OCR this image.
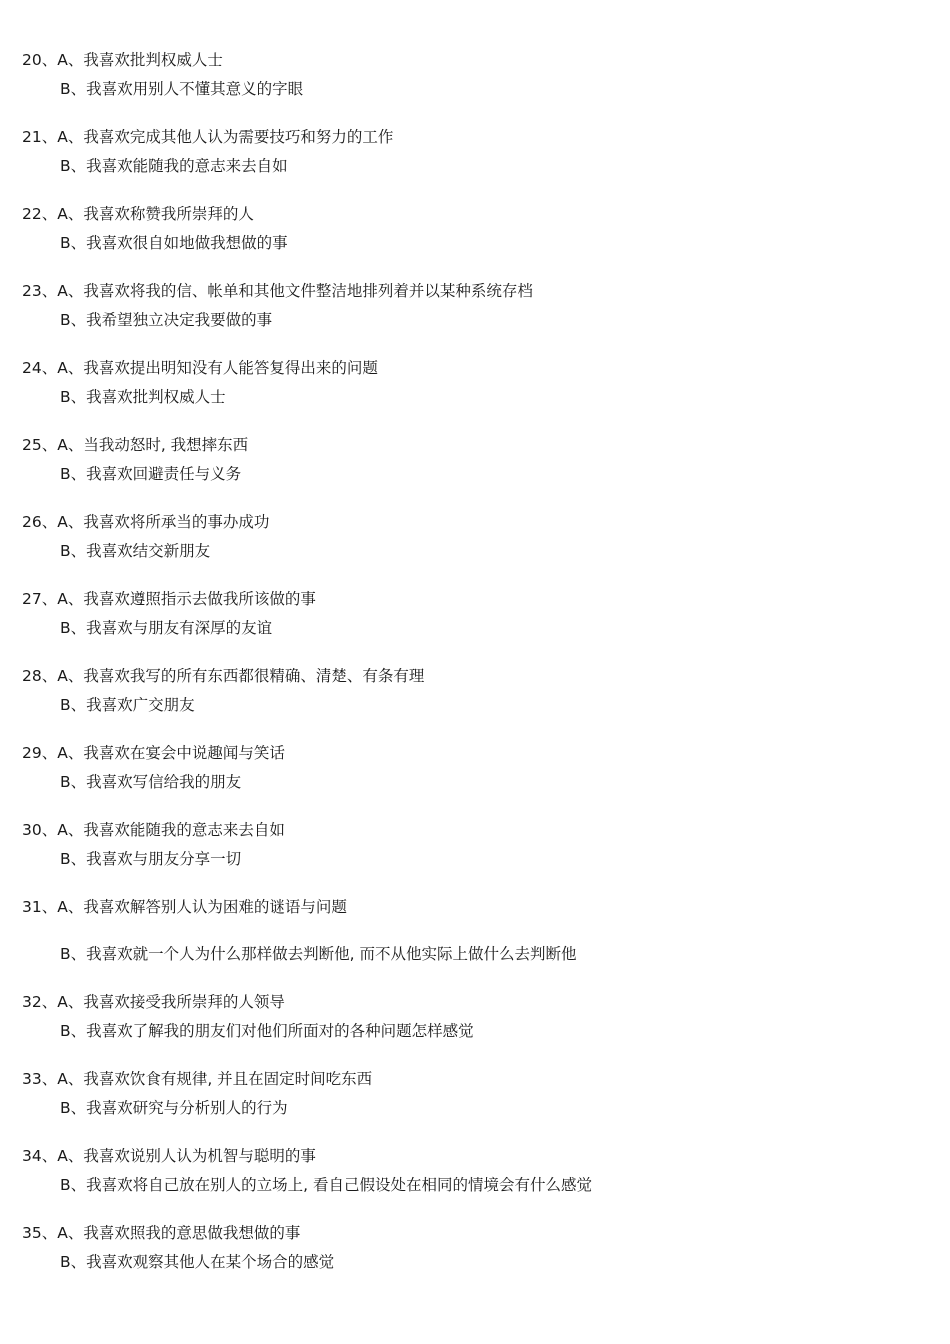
20、A、我喜欢批判权威人士
B、我喜欢用别人不懂其意义的字眼
21、A、我喜欢完成其他人认为需要技巧和努力的工作
B、我喜欢能随我的意志来去自如
22、A、我喜欢称赞我所崇拜的人
B、我喜欢很自如地做我想做的事
23、A、我喜欢将我的信、帐单和其他文件整洁地排列着并以某种系统存档
B、我希望独立决定我要做的事
24、A、我喜欢提出明知没有人能答复得出来的问题
B、我喜欢批判权威人士
25、A、当我动怒时, 我想摔东西
B、我喜欢回避责任与义务
26、A、我喜欢将所承当的事办成功
B、我喜欢结交新朋友
27、A、我喜欢遵照指示去做我所该做的事
B、我喜欢与朋友有深厚的友谊
28、A、我喜欢我写的所有东西都很精确、清楚、有条有理
B、我喜欢广交朋友
29、A、我喜欢在宴会中说趣闻与笑话
B、我喜欢写信给我的朋友
30、A、我喜欢能随我的意志来去自如
B、我喜欢与朋友分享一切
31、A、我喜欢解答别人认为困难的谜语与问题
B、我喜欢就一个人为什么那样做去判断他, 而不从他实际上做什么去判断他
32、A、我喜欢接受我所崇拜的人领导
B、我喜欢了解我的朋友们对他们所面对的各种问题怎样感觉
33、A、我喜欢饮食有规律, 并且在固定时间吃东西
B、我喜欢研究与分析别人的行为
34、A、我喜欢说别人认为机智与聪明的事
B、我喜欢将自己放在别人的立场上, 看自己假设处在相同的情境会有什么感觉
35、A、我喜欢照我的意思做我想做的事
B、我喜欢观察其他人在某个场合的感觉
